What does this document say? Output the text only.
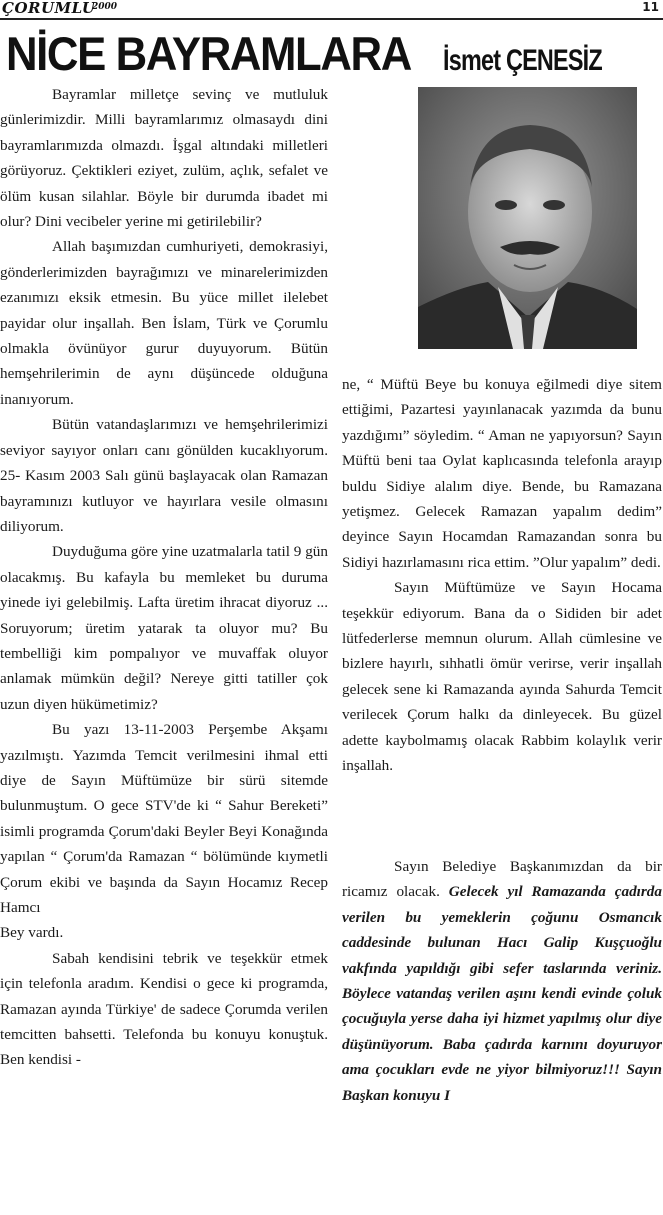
ÇORUMLU
2000	11
NİCE BAYRAMLARA	İsmet ÇENESİZ

Bayramlar milletçe sevinç ve mutluluk günlerimizdir. Milli bayramlarımız olmasaydı dini bayramlarımızda olmazdı. İşgal altındaki milletleri görüyoruz. Çektikleri eziyet, zulüm, açlık, sefalet ve ölüm kusan silahlar. Böyle bir durumda ibadet mi olur? Dini vecibeler yerine mi getirilebilir?

Allah başımızdan cumhuriyeti, demokrasiyi, gönderlerimizden bayrağımızı ve minarelerimizden ezanımızı eksik etmesin. Bu yüce millet ilelebet payidar olur inşallah. Ben İslam, Türk ve Çorumlu olmakla övünüyor gurur duyuyorum. Bütün hemşehrilerimin de aynı düşüncede olduğuna inanıyorum.

Bütün vatandaşlarımızı ve hemşehrilerimizi seviyor sayıyor onları canı gönülden kucaklıyorum. 25- Kasım 2003 Salı günü başlayacak olan Ramazan bayramınızı kutluyor ve hayırlara vesile olmasını diliyorum.

Duyduğuma göre yine uzatmalarla tatil 9 gün olacakmış. Bu kafayla bu memleket bu duruma yinede iyi gelebilmiş. Lafta üretim ihracat diyoruz ... Soruyorum; üretim yatarak ta oluyor mu? Bu tembelliği kim pompalıyor ve muvaffak oluyor anlamak mümkün değil? Nereye gitti tatiller çok uzun diyen hükümetimiz?

Bu yazı 13-11-2003 Perşembe Akşamı yazılmıştı. Yazımda Temcit verilmesini ihmal etti diye de Sayın Müftümüze bir sürü sitemde bulunmuştum. O gece STV'de ki “ Sahur Bereketi” isimli programda Çorum'daki Beyler Beyi Konağında yapılan “ Çorum'da Ramazan “ bölümünde kıymetli Çorum ekibi ve başında da Sayın Hocamız Recep Hamcı

Bey vardı.

Sabah kendisini tebrik ve teşekkür etmek için telefonla aradım. Kendisi o gece ki programda, Ramazan ayında Türkiye' de sadece Çorumda verilen temcitten bahsetti. Telefonda bu konuyu konuştuk. Ben kendisi -

ne, “ Müftü Beye bu konuya eğilmedi diye sitem ettiğimi, Pazartesi yayınlanacak yazımda da bunu yazdığımı” söyledim. “ Aman ne yapıyorsun? Sayın Müftü beni taa Oylat kaplıcasında telefonla arayıp buldu Sidiye alalım diye. Bende, bu Ramazana yetişmez. Gelecek Ramazan yapalım dedim” deyince Sayın Hocamdan Ramazandan sonra bu Sidiyi hazırlamasını rica ettim. ”Olur yapalım” dedi.

Sayın Müftümüze ve Sayın Hocama teşekkür ediyorum. Bana da o Sididen bir adet lütfederlerse memnun olurum. Allah cümlesine ve bizlere hayırlı, sıhhatli ömür verirse, verir inşallah gelecek sene ki Ramazanda ayında Sahurda Temcit verilecek Çorum halkı da dinleyecek. Bu güzel adette kaybolmamış olacak Rabbim kolaylık verir inşallah.

Sayın Belediye Başkanımızdan da bir ricamız olacak. Gelecek yıl Ramazanda çadırda verilen bu yemeklerin çoğunu Osmancık caddesinde bulunan Hacı Galip Kuşçuoğlu vakfında yapıldığı gibi sefer taslarında veriniz. Böylece vatandaş verilen aşını kendi evinde çoluk çocuğuyla yerse daha iyi hizmet yapılmış olur diye düşünüyorum. Baba çadırda karnını doyuruyor ama çocukları evde ne yiyor bilmiyoruz!!! Sayın Başkan konuyu I
